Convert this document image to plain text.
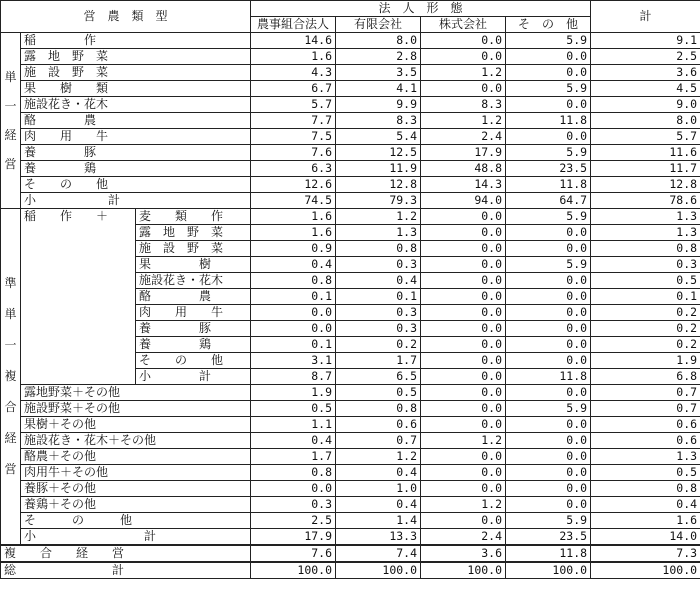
営　農　類　型			法　人　形　態				計
			農事組合法人	有限会社	株式会社	そ　の　他	
単一経営	稲　　　　作		14.6	8.0	0.0	5.9	9.1
	露　地　野　菜		1.6	2.8	0.0	0.0	2.5
	施　設　野　菜		4.3	3.5	1.2	0.0	3.6
	果　　樹　　類		6.7	4.1	0.0	5.9	4.5
	施設花き・花木		5.7	9.9	8.3	0.0	9.0
	酪　　　　農		7.7	8.3	1.2	11.8	8.0
	肉　　用　　牛		7.5	5.4	2.4	0.0	5.7
	養　　　　豚		7.6	12.5	17.9	5.9	11.6
	養　　　　鶏		6.3	11.9	48.8	23.5	11.7
	そ　　の　　他		12.6	12.8	14.3	11.8	12.8
	小　　　　　　計		74.5	79.3	94.0	64.7	78.6
準単一複合経営	稲　　作　　＋	麦　　類　　作	1.6	1.2	0.0	5.9	1.3
		露　地　野　菜	1.6	1.3	0.0	0.0	1.3
		施　設　野　菜	0.9	0.8	0.0	0.0	0.8
		果　　　　樹	0.4	0.3	0.0	5.9	0.3
		施設花き・花木	0.8	0.4	0.0	0.0	0.5
		酪　　　　農	0.1	0.1	0.0	0.0	0.1
		肉　　用　　牛	0.0	0.3	0.0	0.0	0.2
		養　　　　豚	0.0	0.3	0.0	0.0	0.2
		養　　　　鶏	0.1	0.2	0.0	0.0	0.2
		そ　　の　　他	3.1	1.7	0.0	0.0	1.9
		小　　　　計	8.7	6.5	0.0	11.8	6.8
	露地野菜＋その他		1.9	0.5	0.0	0.0	0.7
	施設野菜＋その他		0.5	0.8	0.0	5.9	0.7
	果樹＋その他		1.1	0.6	0.0	0.0	0.6
	施設花き・花木＋その他		0.4	0.7	1.2	0.0	0.6
	酪農＋その他		1.7	1.2	0.0	0.0	1.3
	肉用牛＋その他		0.8	0.4	0.0	0.0	0.5
	養豚＋その他		0.0	1.0	0.0	0.0	0.8
	養鶏＋その他		0.3	0.4	1.2	0.0	0.4
	そ　　　の　　　他		2.5	1.4	0.0	5.9	1.6
	小　　　　　　　　　計		17.9	13.3	2.4	23.5	14.0
複　　合　　経　　営			7.6	7.4	3.6	11.8	7.3
総　　　　　　　　計			100.0	100.0	100.0	100.0	100.0
